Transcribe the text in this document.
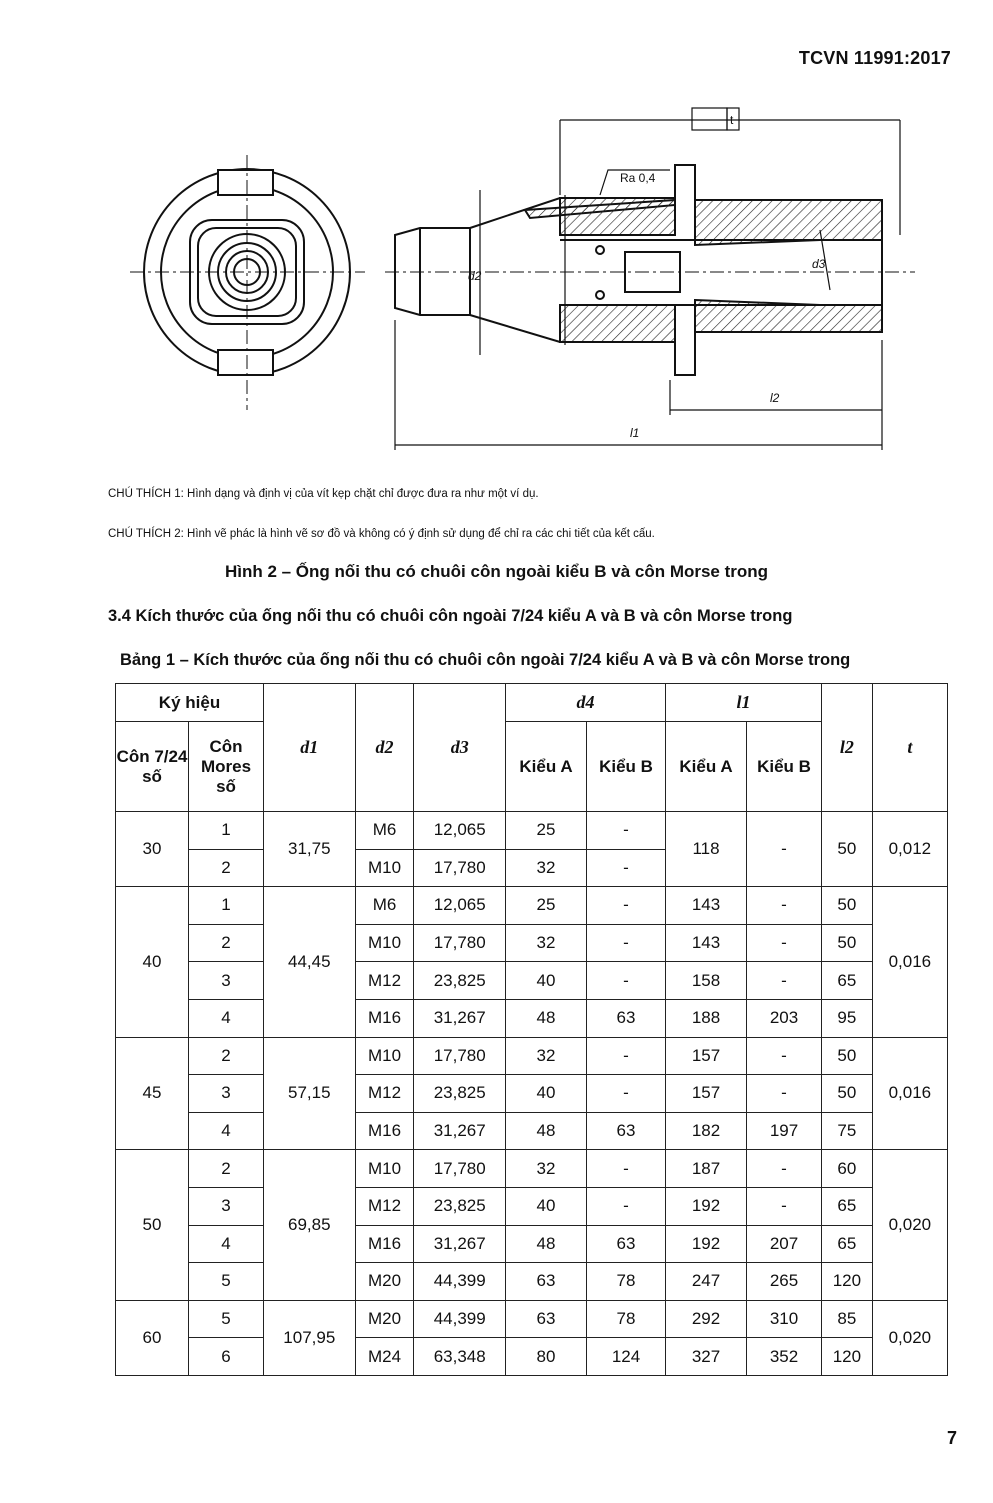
TCVN 11991:2017
Ra 0,4
t
d2
d3
l2
l1
CHÚ THÍCH 1: Hình dạng và định vị của vít kẹp chặt chỉ được đưa ra như một ví dụ.
CHÚ THÍCH 2: Hình vẽ phác là hình vẽ sơ đồ và không có ý định sử dụng để chỉ ra các chi tiết của kết cấu.
Hình 2 – Ống nối thu có chuôi côn ngoài kiểu B và côn Morse trong
3.4 Kích thước của ống nối thu có chuôi côn ngoài 7/24 kiểu A và B và côn Morse trong
Bảng 1 – Kích thước của ống nối thu có chuôi côn ngoài 7/24 kiểu A và B và côn Morse trong
Ký hiệu		d1	d2	d3	d4		l1		l2	t
Côn 7/24 số	Côn Mores số				Kiểu A	Kiểu B	Kiểu A	Kiểu B		
30	1	31,75	M6	12,065	25	-	118	-	50	0,012
	2		M10	17,780	32	-				
40	1	44,45	M6	12,065	25	-	143	-	50	0,016
	2		M10	17,780	32	-	143	-	50	
	3		M12	23,825	40	-	158	-	65	
	4		M16	31,267	48	63	188	203	95	
45	2	57,15	M10	17,780	32	-	157	-	50	0,016
	3		M12	23,825	40	-	157	-	50	
	4		M16	31,267	48	63	182	197	75	
50	2	69,85	M10	17,780	32	-	187	-	60	0,020
	3		M12	23,825	40	-	192	-	65	
	4		M16	31,267	48	63	192	207	65	
	5		M20	44,399	63	78	247	265	120	
60	5	107,95	M20	44,399	63	78	292	310	85	0,020
	6		M24	63,348	80	124	327	352	120	
7
